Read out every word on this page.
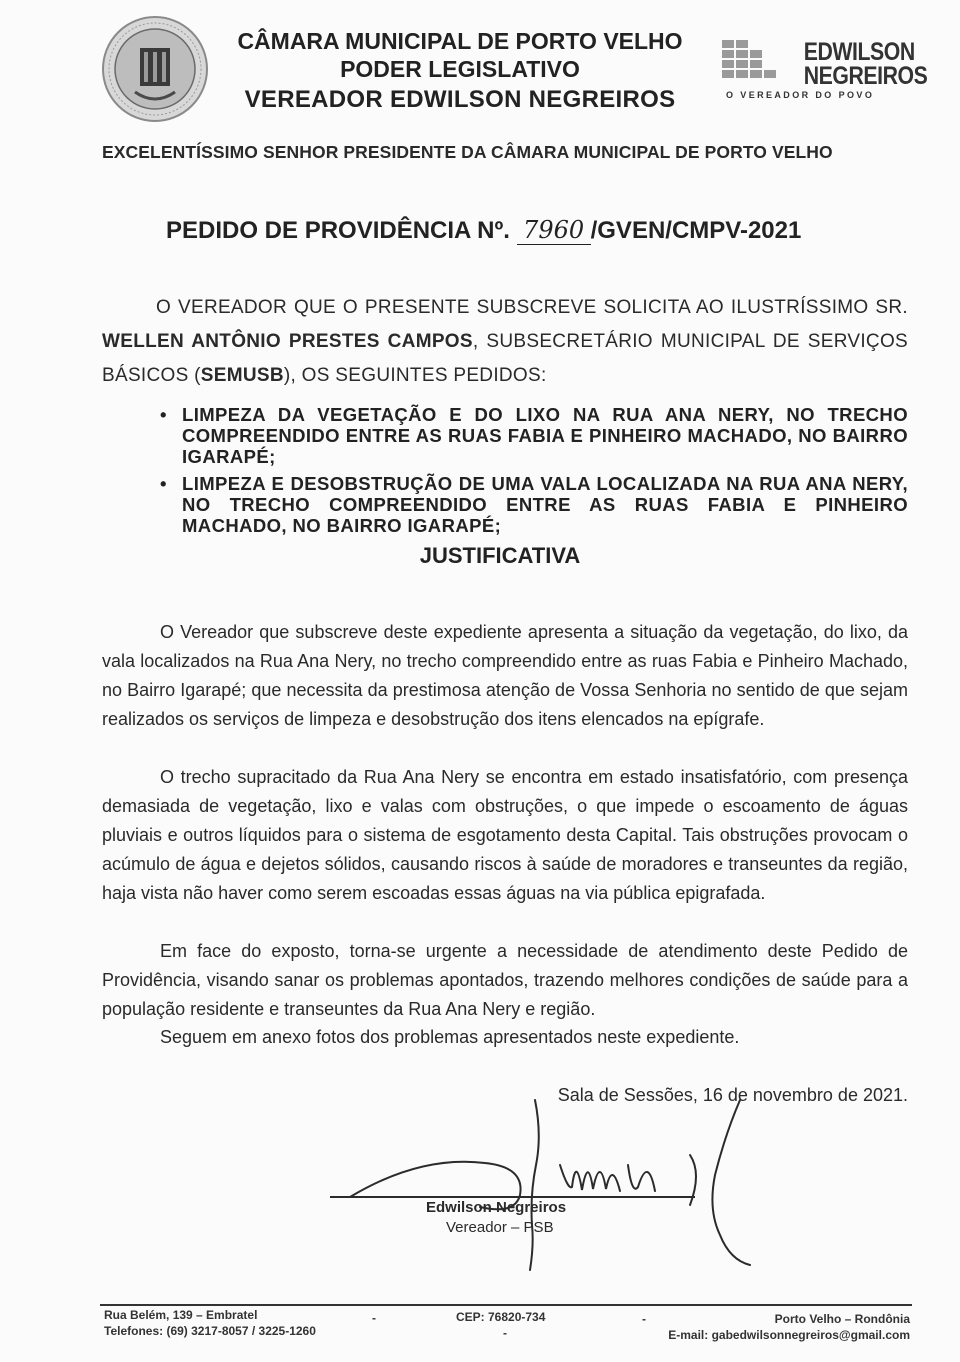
CÂMARA MUNICIPAL DE PORTO VELHO
PODER LEGISLATIVO
VEREADOR EDWILSON NEGREIROS
EDWILSON
NEGREIROS
O VEREADOR DO POVO
EXCELENTÍSSIMO SENHOR PRESIDENTE DA CÂMARA MUNICIPAL DE PORTO VELHO
PEDIDO DE PROVIDÊNCIA Nº. 7960 /GVEN/CMPV-2021
O VEREADOR QUE O PRESENTE SUBSCREVE SOLICITA AO ILUSTRÍSSIMO SR. WELLEN ANTÔNIO PRESTES CAMPOS, SUBSECRETÁRIO MUNICIPAL DE SERVIÇOS BÁSICOS (SEMUSB), OS SEGUINTES PEDIDOS:
• LIMPEZA DA VEGETAÇÃO E DO LIXO NA RUA ANA NERY, NO TRECHO COMPREENDIDO ENTRE AS RUAS FABIA E PINHEIRO MACHADO, NO BAIRRO IGARAPÉ;
• LIMPEZA E DESOBSTRUÇÃO DE UMA VALA LOCALIZADA NA RUA ANA NERY, NO TRECHO COMPREENDIDO ENTRE AS RUAS FABIA E PINHEIRO MACHADO, NO BAIRRO IGARAPÉ;
JUSTIFICATIVA
O Vereador que subscreve deste expediente apresenta a situação da vegetação, do lixo, da vala localizados na Rua Ana Nery, no trecho compreendido entre as ruas Fabia e Pinheiro Machado, no Bairro Igarapé; que necessita da prestimosa atenção de Vossa Senhoria no sentido de que sejam realizados os serviços de limpeza e desobstrução dos itens elencados na epígrafe.
O trecho supracitado da Rua Ana Nery se encontra em estado insatisfatório, com presença demasiada de vegetação, lixo e valas com obstruções, o que impede o escoamento de águas pluviais e outros líquidos para o sistema de esgotamento desta Capital. Tais obstruções provocam o acúmulo de água e dejetos sólidos, causando riscos à saúde de moradores e transeuntes da região, haja vista não haver como serem escoadas essas águas na via pública epigrafada.
Em face do exposto, torna-se urgente a necessidade de atendimento deste Pedido de Providência, visando sanar os problemas apontados, trazendo melhores condições de saúde para a população residente e transeuntes da Rua Ana Nery e região.
Seguem em anexo fotos dos problemas apresentados neste expediente.
Sala de Sessões, 16 de novembro de 2021.
Edwilson Negreiros
Vereador – PSB
Rua Belém, 139 – Embratel
Telefones: (69) 3217-8057 / 3225-1260
-	CEP: 76820-734
-
-	Porto Velho – Rondônia
E-mail: gabedwilsonnegreiros@gmail.com
